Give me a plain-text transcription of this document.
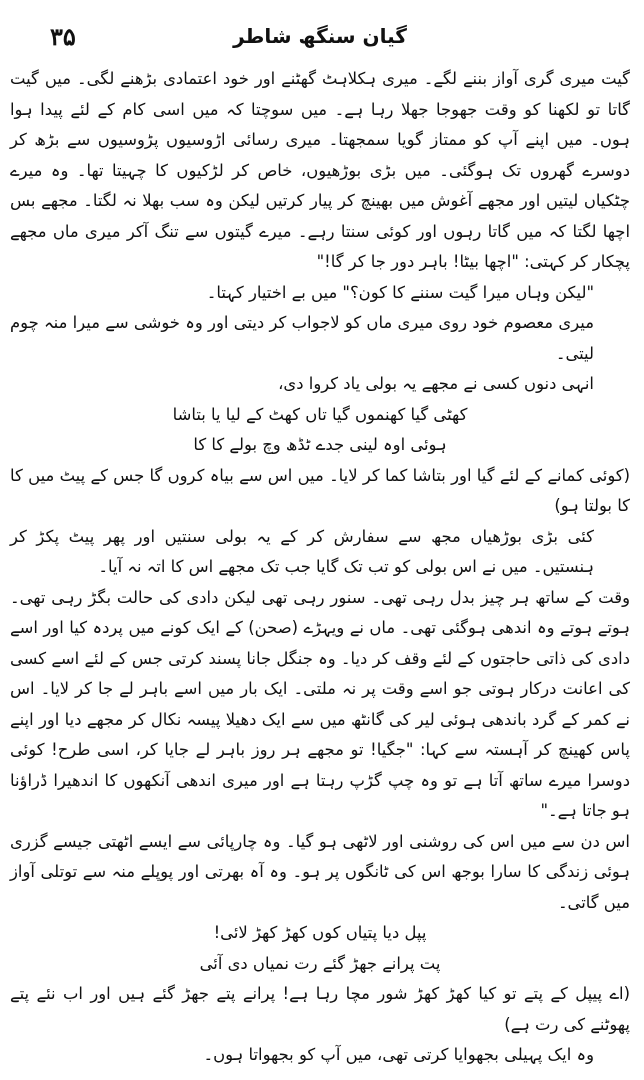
۳۵	گیان سنگھ شاطر

گیت میری گری آواز بننے لگے۔ میری ہکلاہٹ گھٹنے اور خود اعتمادی بڑھنے لگی۔ میں گیت گاتا تو لکھنا کو وقت جھوجا جھلا رہا ہے۔ میں سوچتا کہ میں اسی کام کے لئے پیدا ہوا ہوں۔ میں اپنے آپ کو ممتاز گویا سمجھتا۔ میری رسائی اڑوسیوں پڑوسیوں سے بڑھ کر دوسرے گھروں تک ہوگئی۔ میں بڑی بوڑھیوں، خاص کر لڑکیوں کا چہیتا تھا۔ وہ میرے چٹکیاں لیتیں اور مجھے آغوش میں بھینچ کر پیار کرتیں لیکن وہ سب بھلا نہ لگتا۔ مجھے بس اچھا لگتا کہ میں گاتا رہوں اور کوئی سنتا رہے۔ میرے گیتوں سے تنگ آکر میری ماں مجھے پچکار کر کہتی: "اچھا بیٹا! باہر دور جا کر گا!"

"لیکن وہاں میرا گیت سننے کا کون؟" میں بے اختیار کہتا۔

میری معصوم خود روی میری ماں کو لاجواب کر دیتی اور وہ خوشی سے میرا منہ چوم لیتی۔

انہی دنوں کسی نے مجھے یہ بولی یاد کروا دی،

کھٹی گیا کھنموں گیا تاں کھٹ کے لیا یا بتاشا

ہوئی اوہ لینی جدے ٹڈھ وچ بولے کا کا

(کوئی کمانے کے لئے گیا اور بتاشا کما کر لایا۔ میں اس سے بیاہ کروں گا جس کے پیٹ میں کا کا بولتا ہو)

کئی بڑی بوڑھیاں مجھ سے سفارش کر کے یہ بولی سنتیں اور پھر پیٹ پکڑ کر ہنستیں۔ میں نے اس بولی کو تب تک گایا جب تک مجھے اس کا اتہ نہ آیا۔

وقت کے ساتھ ہر چیز بدل رہی تھی۔ سنور رہی تھی لیکن دادی کی حالت بگڑ رہی تھی۔ ہوتے ہوتے وہ اندھی ہوگئی تھی۔ ماں نے ویہڑے (صحن) کے ایک کونے میں پردہ کیا اور اسے دادی کی ذاتی حاجتوں کے لئے وقف کر دیا۔ وہ جنگل جانا پسند کرتی جس کے لئے اسے کسی کی اعانت درکار ہوتی جو اسے وقت پر نہ ملتی۔ ایک بار میں اسے باہر لے جا کر لایا۔ اس نے کمر کے گرد باندھی ہوئی لیر کی گانٹھ میں سے ایک دھیلا پیسہ نکال کر مجھے دیا اور اپنے پاس کھینچ کر آہستہ سے کہا: "جگیا! تو مجھے ہر روز باہر لے جایا کر، اسی طرح! کوئی دوسرا میرے ساتھ آتا ہے تو وہ چپ گڑپ رہتا ہے اور میری اندھی آنکھوں کا اندھیرا ڈراؤنا ہو جاتا ہے۔"

اس دن سے میں اس کی روشنی اور لاٹھی ہو گیا۔ وہ چارپائی سے ایسے اٹھتی جیسے گزری ہوئی زندگی کا سارا بوجھ اس کی ٹانگوں پر ہو۔ وہ آہ بھرتی اور پوپلے منہ سے توتلی آواز میں گاتی۔

پپل دیا پتیاں کوں کھڑ کھڑ لائی!

پت پرانے جھڑ گئے رت نمیاں دی آئی

(اے پیپل کے پتے تو کیا کھڑ کھڑ شور مچا رہا ہے! پرانے پتے جھڑ گئے ہیں اور اب نئے پتے پھوٹنے کی رت ہے)

وہ ایک پہیلی بجھوایا کرتی تھی، میں آپ کو بجھواتا ہوں۔
